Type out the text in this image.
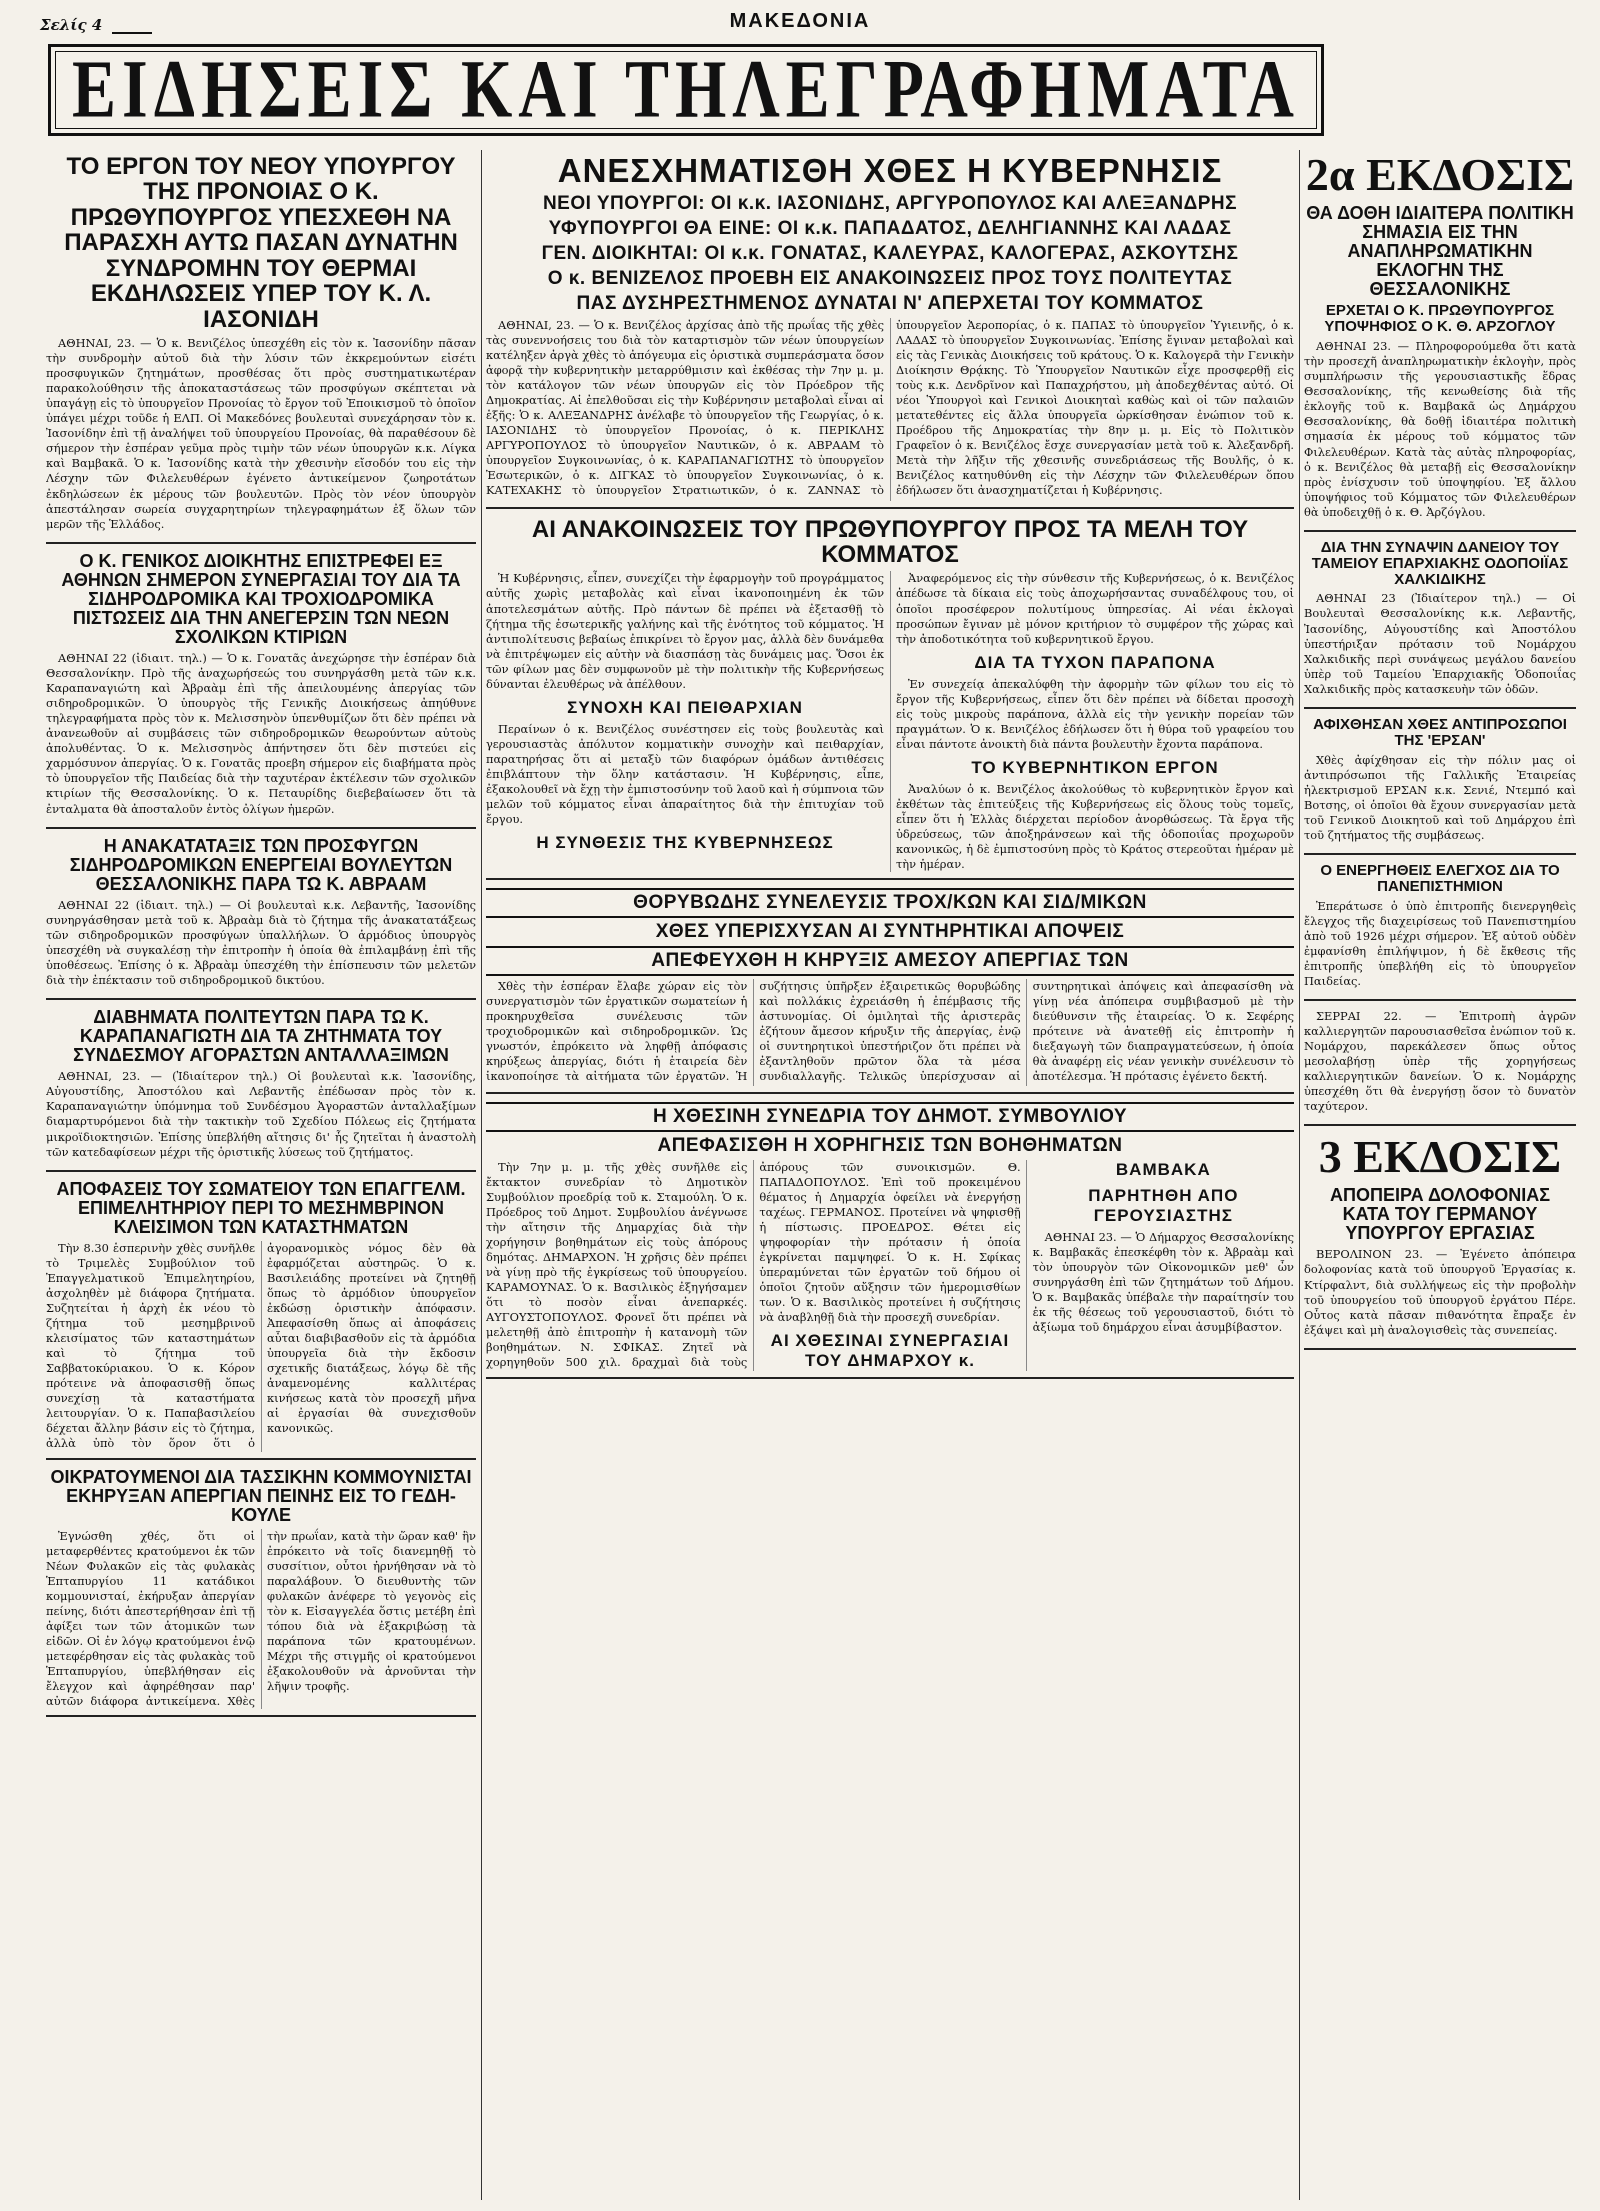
Σελίς 4	ΜΑΚΕΔΟΝΙΑ
ΕΙΔΗΣΕΙΣ ΚΑΙ ΤΗΛΕΓΡΑΦΗΜΑΤΑ
ΤΟ ΕΡΓΟΝ ΤΟΥ ΝΕΟΥ ΥΠΟΥΡΓΟΥ ΤΗΣ ΠΡΟΝΟΙΑΣ Ο Κ. ΠΡΩΘΥΠΟΥΡΓΟΣ ΥΠΕΣΧΕΘΗ ΝΑ ΠΑΡΑΣΧΗ ΑΥΤΩ ΠΑΣΑΝ ΔΥΝΑΤΗΝ ΣΥΝΔΡΟΜΗΝ ΤΟΥ ΘΕΡΜΑΙ ΕΚΔΗΛΩΣΕΙΣ ΥΠΕΡ ΤΟΥ Κ. Λ. ΙΑΣΟΝΙΔΗ

ΑΘΗΝΑΙ, 23. — Ὁ κ. Βενιζέλος ὑπεσχέθη εἰς τὸν κ. Ἰασονίδην πᾶσαν τὴν συνδρομὴν αὐτοῦ διὰ τὴν λύσιν τῶν ἐκκρεμούντων εἰσέτι προσφυγικῶν ζητημάτων, προσθέσας ὅτι πρὸς συστηματικωτέραν παρακολούθησιν τῆς ἀποκαταστάσεως τῶν προσφύγων σκέπτεται νὰ ὑπαγάγῃ εἰς τὸ ὑπουργεῖον Προνοίας τὸ ἔργον τοῦ Ἐποικισμοῦ τὸ ὁποῖον ὑπάγει μέχρι τοῦδε ἡ ΕΛΠ. Οἱ Μακεδόνες βουλευταὶ συνεχάρησαν τὸν κ. Ἰασονίδην ἐπὶ τῇ ἀναλήψει τοῦ ὑπουργείου Προνοίας, θὰ παραθέσουν δὲ σήμερον τὴν ἑσπέραν γεῦμα πρὸς τιμὴν τῶν νέων ὑπουργῶν κ.κ. Λίγκα καὶ Βαμβακᾶ. Ὁ κ. Ἰασονίδης κατὰ τὴν χθεσινὴν εἴσοδόν του εἰς τὴν Λέσχην τῶν Φιλελευθέρων ἐγένετο ἀντικείμενον ζωηροτάτων ἐκδηλώσεων ἐκ μέρους τῶν βουλευτῶν. Πρὸς τὸν νέον ὑπουργὸν ἀπεστάλησαν σωρεία συγχαρητηρίων τηλεγραφημάτων ἐξ ὅλων τῶν μερῶν τῆς Ἑλλάδος.

Ο Κ. ΓΕΝΙΚΟΣ ΔΙΟΙΚΗΤΗΣ ΕΠΙΣΤΡΕΦΕΙ ΕΞ ΑΘΗΝΩΝ ΣΗΜΕΡΟΝ ΣΥΝΕΡΓΑΣΙΑΙ ΤΟΥ ΔΙΑ ΤΑ ΣΙΔΗΡΟΔΡΟΜΙΚΑ ΚΑΙ ΤΡΟΧΙΟΔΡΟΜΙΚΑ ΠΙΣΤΩΣΕΙΣ ΔΙΑ ΤΗΝ ΑΝΕΓΕΡΣΙΝ ΤΩΝ ΝΕΩΝ ΣΧΟΛΙΚΩΝ ΚΤΙΡΙΩΝ

ΑΘΗΝΑΙ 22 (ἰδιαιτ. τηλ.) — Ὁ κ. Γονατᾶς ἀνεχώρησε τὴν ἑσπέραν διὰ Θεσσαλονίκην. Πρὸ τῆς ἀναχωρήσεώς του συνηργάσθη μετὰ τῶν κ.κ. Καραπαναγιώτη καὶ Ἀβραὰμ ἐπὶ τῆς ἀπειλουμένης ἀπεργίας τῶν σιδηροδρομικῶν. Ὁ ὑπουργὸς τῆς Γενικῆς Διοικήσεως ἀπηύθυνε τηλεγραφήματα πρὸς τὸν κ. Μελισσηνὸν ὑπενθυμίζων ὅτι δὲν πρέπει νὰ ἀνανεωθοῦν αἱ συμβάσεις τῶν σιδηροδρομικῶν θεωρούντων αὐτοὺς ἀπολυθέντας. Ὁ κ. Μελισσηνὸς ἀπήντησεν ὅτι δὲν πιστεύει εἰς χαρμόσυνον ἀπεργίας. Ὁ κ. Γονατᾶς προεβη σήμερον εἰς διαβήματα πρὸς τὸ ὑπουργεῖον τῆς Παιδείας διὰ τὴν ταχυτέραν ἐκτέλεσιν τῶν σχολικῶν κτιρίων τῆς Θεσσαλονίκης. Ὁ κ. Πεταυρίδης διεβεβαίωσεν ὅτι τὰ ἐνταλματα θὰ ἀποσταλοῦν ἐντὸς ὀλίγων ἡμερῶν.

Η ΑΝΑΚΑΤΑΤΑΞΙΣ ΤΩΝ ΠΡΟΣΦΥΓΩΝ ΣΙΔΗΡΟΔΡΟΜΙΚΩΝ ΕΝΕΡΓΕΙΑΙ ΒΟΥΛΕΥΤΩΝ ΘΕΣΣΑΛΟΝΙΚΗΣ ΠΑΡΑ ΤΩ Κ. ΑΒΡΑΑΜ

ΑΘΗΝΑΙ 22 (ἰδιαιτ. τηλ.) — Οἱ βουλευταὶ κ.κ. Λεβαντῆς, Ἰασονίδης συνηργάσθησαν μετὰ τοῦ κ. Ἀβραὰμ διὰ τὸ ζήτημα τῆς ἀνακατατάξεως τῶν σιδηροδρομικῶν προσφύγων ὑπαλλήλων. Ὁ ἁρμόδιος ὑπουργὸς ὑπεσχέθη νὰ συγκαλέσῃ τὴν ἐπιτροπὴν ἡ ὁποία θὰ ἐπιλαμβάνῃ ἐπὶ τῆς ὑποθέσεως. Ἐπίσης ὁ κ. Ἀβραὰμ ὑπεσχέθη τὴν ἐπίσπευσιν τῶν μελετῶν διὰ τὴν ἐπέκτασιν τοῦ σιδηροδρομικοῦ δικτύου.

ΔΙΑΒΗΜΑΤΑ ΠΟΛΙΤΕΥΤΩΝ ΠΑΡΑ ΤΩ Κ. ΚΑΡΑΠΑΝΑΓΙΩΤΗ ΔΙΑ ΤΑ ΖΗΤΗΜΑΤΑ ΤΟΥ ΣΥΝΔΕΣΜΟΥ ΑΓΟΡΑΣΤΩΝ ΑΝΤΑΛΛΑΞΙΜΩΝ

ΑΘΗΝΑΙ, 23. — (Ἰδιαίτερον τηλ.) Οἱ βουλευταὶ κ.κ. Ἰασονίδης, Αὐγουστίδης, Ἀποστόλου καὶ Λεβαντῆς ἐπέδωσαν πρὸς τὸν κ. Καραπαναγιώτην ὑπόμνημα τοῦ Συνδέσμου Ἀγοραστῶν ἀνταλλαξίμων διαμαρτυρόμενοι διὰ τὴν τακτικὴν τοῦ Σχεδίου Πόλεως εἰς ζητήματα μικροϊδιοκτησιῶν. Ἐπίσης ὑπεβλήθη αἴτησις δι' ἧς ζητεῖται ἡ ἀναστολὴ τῶν κατεδαφίσεων μέχρι τῆς ὁριστικῆς λύσεως τοῦ ζητήματος.

ΑΠΟΦΑΣΕΙΣ ΤΟΥ ΣΩΜΑΤΕΙΟΥ ΤΩΝ ΕΠΑΓΓΕΛΜ. ΕΠΙΜΕΛΗΤΗΡΙΟΥ ΠΕΡΙ ΤΟ ΜΕΣΗΜΒΡΙΝΟΝ ΚΛΕΙΣΙΜΟΝ ΤΩΝ ΚΑΤΑΣΤΗΜΑΤΩΝ

Τὴν 8.30 ἑσπερινὴν χθὲς συνῆλθε τὸ Τριμελὲς Συμβούλιον τοῦ Ἐπαγγελματικοῦ Ἐπιμελητηρίου, ἀσχοληθὲν μὲ διάφορα ζητήματα. Συζητείται ἡ ἀρχὴ ἐκ νέου τὸ ζήτημα τοῦ μεσημβρινοῦ κλεισίματος τῶν καταστημάτων καὶ τὸ ζήτημα τοῦ Σαββατοκύριακου. Ὁ κ. Κόρον πρότεινε νὰ ἀποφασισθῇ ὅπως συνεχίσῃ τὰ καταστήματα λειτουργίαν. Ὁ κ. Παπαβασιλείου δέχεται ἄλλην βάσιν εἰς τὸ ζήτημα, ἀλλὰ ὑπὸ τὸν ὅρον ὅτι ὁ ἀγορανομικὸς νόμος δὲν θὰ ἐφαρμόζεται αὐστηρῶς. Ὁ κ. Βασιλειάδης προτείνει νὰ ζητηθῇ ὅπως τὸ ἀρμόδιον ὑπουργεῖον ἐκδώσῃ ὁριστικὴν ἀπόφασιν. Ἀπεφασίσθη ὅπως αἱ ἀποφάσεις αὗται διαβιβασθοῦν εἰς τὰ ἀρμόδια ὑπουργεῖα διὰ τὴν ἔκδοσιν σχετικῆς διατάξεως, λόγῳ δὲ τῆς ἀναμενομένης καλλιτέρας κινήσεως κατὰ τὸν προσεχῆ μῆνα αἱ ἐργασίαι θὰ συνεχισθοῦν κανονικῶς.

ΟΙΚΡΑΤΟΥΜΕΝΟΙ ΔΙΑ ΤΑΣΣΙΚΗΝ ΚΟΜΜΟΥΝΙΣΤΑΙ ΕΚΗΡΥΞΑΝ ΑΠΕΡΓΙΑΝ ΠΕΙΝΗΣ ΕΙΣ ΤΟ ΓΕΔΗ-ΚΟΥΛΕ

Ἐγνώσθη χθές, ὅτι οἱ μεταφερθέντες κρατούμενοι ἐκ τῶν Νέων Φυλακῶν εἰς τὰς φυλακὰς Ἑπταπυργίου 11 κατάδικοι κομμουνισταί, ἐκήρυξαν ἀπεργίαν πείνης, διότι ἀπεστερήθησαν ἐπὶ τῇ ἀφίξει των τῶν ἀτομικῶν των εἰδῶν. Οἱ ἐν λόγῳ κρατούμενοι ἐνῷ μετεφέρθησαν εἰς τὰς φυλακὰς τοῦ Ἑπταπυργίου, ὑπεβλήθησαν εἰς ἔλεγχον καὶ ἀφηρέθησαν παρ' αὐτῶν διάφορα ἀντικείμενα. Χθὲς τὴν πρωΐαν, κατὰ τὴν ὥραν καθ' ἣν ἐπρόκειτο νὰ τοῖς διανεμηθῇ τὸ συσσίτιον, οὗτοι ἠρνήθησαν νὰ τὸ παραλάβουν. Ὁ διευθυντὴς τῶν φυλακῶν ἀνέφερε τὸ γεγονὸς εἰς τὸν κ. Εἰσαγγελέα ὅστις μετέβη ἐπὶ τόπου διὰ νὰ ἐξακριβώσῃ τὰ παράπονα τῶν κρατουμένων. Μέχρι τῆς στιγμῆς οἱ κρατούμενοι ἐξακολουθοῦν νὰ ἀρνοῦνται τὴν λῆψιν τροφῆς.

ΑΝΕΣΧΗΜΑΤΙΣΘΗ ΧΘΕΣ Η ΚΥΒΕΡΝΗΣΙΣ
ΝΕΟΙ ΥΠΟΥΡΓΟΙ: ΟΙ κ.κ. ΙΑΣΟΝΙΔΗΣ, ΑΡΓΥΡΟΠΟΥΛΟΣ ΚΑΙ ΑΛΕΞΑΝΔΡΗΣ
ΥΦΥΠΟΥΡΓΟΙ ΘΑ ΕΙΝΕ: ΟΙ κ.κ. ΠΑΠΑΔΑΤΟΣ, ΔΕΛΗΓΙΑΝΝΗΣ ΚΑΙ ΛΑΔΑΣ
ΓΕΝ. ΔΙΟΙΚΗΤΑΙ: ΟΙ κ.κ. ΓΟΝΑΤΑΣ, ΚΑΛΕΥΡΑΣ, ΚΑΛΟΓΕΡΑΣ, ΑΣΚΟΥΤΣΗΣ
Ο κ. ΒΕΝΙΖΕΛΟΣ ΠΡΟΕΒΗ ΕΙΣ ΑΝΑΚΟΙΝΩΣΕΙΣ ΠΡΟΣ ΤΟΥΣ ΠΟΛΙΤΕΥΤΑΣ
ΠΑΣ ΔΥΣΗΡΕΣΤΗΜΕΝΟΣ ΔΥΝΑΤΑΙ Ν' ΑΠΕΡΧΕΤΑΙ ΤΟΥ ΚΟΜΜΑΤΟΣ

ΑΘΗΝΑΙ, 23. — Ὁ κ. Βενιζέλος ἀρχίσας ἀπὸ τῆς πρωΐας τῆς χθὲς τὰς συνεννοήσεις του διὰ τὸν καταρτισμὸν τῶν νέων ὑπουργείων κατέληξεν ἀργὰ χθὲς τὸ ἀπόγευμα εἰς ὁριστικὰ συμπεράσματα ὅσον ἀφορᾷ τὴν κυβερνητικὴν μεταρρύθμισιν καὶ ἐκθέσας τὴν 7ην μ. μ. τὸν κατάλογον τῶν νέων ὑπουργῶν εἰς τὸν Πρόεδρον τῆς Δημοκρατίας. Αἱ ἐπελθοῦσαι εἰς τὴν Κυβέρνησιν μεταβολαὶ εἶναι αἱ ἑξῆς: Ὁ κ. ΑΛΕΞΑΝΔΡΗΣ ἀνέλαβε τὸ ὑπουργεῖον τῆς Γεωργίας, ὁ κ. ΙΑΣΟΝΙΔΗΣ τὸ ὑπουργεῖον Προνοίας, ὁ κ. ΠΕΡΙΚΛΗΣ ΑΡΓΥΡΟΠΟΥΛΟΣ τὸ ὑπουργεῖον Ναυτικῶν, ὁ κ. ΑΒΡΑΑΜ τὸ ὑπουργεῖον Συγκοινωνίας, ὁ κ. ΚΑΡΑΠΑΝΑΓΙΩΤΗΣ τὸ ὑπουργεῖον Ἐσωτερικῶν, ὁ κ. ΔΙΓΚΑΣ τὸ ὑπουργεῖον Συγκοινωνίας, ὁ κ. ΚΑΤΕΧΑΚΗΣ τὸ ὑπουργεῖον Στρατιωτικῶν, ὁ κ. ΖΑΝΝΑΣ τὸ ὑπουργεῖον Ἀεροπορίας, ὁ κ. ΠΑΠΑΣ τὸ ὑπουργεῖον Ὑγιεινῆς, ὁ κ. ΛΑΔΑΣ τὸ ὑπουργεῖον Συγκοινωνίας. Ἐπίσης ἔγιναν μεταβολαὶ καὶ εἰς τὰς Γενικὰς Διοικήσεις τοῦ κράτους. Ὁ κ. Καλογερᾶ τὴν Γενικὴν Διοίκησιν Θρᾴκης. Τὸ Ὑπουργεῖον Ναυτικῶν εἶχε προσφερθῇ εἰς τοὺς κ.κ. Δενδρῖνον καὶ Παπαχρήστου, μὴ ἀποδεχθέντας αὐτό. Οἱ νέοι Ὑπουργοὶ καὶ Γενικοὶ Διοικηταὶ καθὼς καὶ οἱ τῶν παλαιῶν μετατεθέντες εἰς ἄλλα ὑπουργεῖα ὡρκίσθησαν ἐνώπιον τοῦ κ. Προέδρου τῆς Δημοκρατίας τὴν 8ην μ. μ. Εἰς τὸ Πολιτικὸν Γραφεῖον ὁ κ. Βενιζέλος ἔσχε συνεργασίαν μετὰ τοῦ κ. Ἀλεξανδρῆ. Μετὰ τὴν λῆξιν τῆς χθεσινῆς συνεδριάσεως τῆς Βουλῆς, ὁ κ. Βενιζέλος κατηυθύνθη εἰς τὴν Λέσχην τῶν Φιλελευθέρων ὅπου ἐδήλωσεν ὅτι ἀνασχηματίζεται ἡ Κυβέρνησις.

ΑΙ ΑΝΑΚΟΙΝΩΣΕΙΣ ΤΟΥ ΠΡΩΘΥΠΟΥΡΓΟΥ ΠΡΟΣ ΤΑ ΜΕΛΗ ΤΟΥ ΚΟΜΜΑΤΟΣ

Ἡ Κυβέρνησις, εἶπεν, συνεχίζει τὴν ἐφαρμογὴν τοῦ προγράμματος αὐτῆς χωρὶς μεταβολὰς καὶ εἶναι ἱκανοποιημένη ἐκ τῶν ἀποτελεσμάτων αὐτῆς. Πρὸ πάντων δὲ πρέπει νὰ ἐξετασθῇ τὸ ζήτημα τῆς ἐσωτερικῆς γαλήνης καὶ τῆς ἑνότητος τοῦ κόμματος. Ἡ ἀντιπολίτευσις βεβαίως ἐπικρίνει τὸ ἔργον μας, ἀλλὰ δὲν δυνάμεθα νὰ ἐπιτρέψωμεν εἰς αὐτὴν νὰ διασπάσῃ τὰς δυνάμεις μας. Ὅσοι ἐκ τῶν φίλων μας δὲν συμφωνοῦν μὲ τὴν πολιτικὴν τῆς Κυβερνήσεως δύνανται ἐλευθέρως νὰ ἀπέλθουν.

ΣΥΝΟΧΗ ΚΑΙ ΠΕΙΘΑΡΧΙΑΝ

Περαίνων ὁ κ. Βενιζέλος συνέστησεν εἰς τοὺς βουλευτὰς καὶ γερουσιαστὰς ἀπόλυτον κομματικὴν συνοχὴν καὶ πειθαρχίαν, παρατηρήσας ὅτι αἱ μεταξὺ τῶν διαφόρων ὁμάδων ἀντιθέσεις ἐπιβλάπτουν τὴν ὅλην κατάστασιν. Ἡ Κυβέρνησις, εἶπε, ἐξακολουθεῖ νὰ ἔχῃ τὴν ἐμπιστοσύνην τοῦ λαοῦ καὶ ἡ σύμπνοια τῶν μελῶν τοῦ κόμματος εἶναι ἀπαραίτητος διὰ τὴν ἐπιτυχίαν τοῦ ἔργου.

Η ΣΥΝΘΕΣΙΣ ΤΗΣ ΚΥΒΕΡΝΗΣΕΩΣ

Ἀναφερόμενος εἰς τὴν σύνθεσιν τῆς Κυβερνήσεως, ὁ κ. Βενιζέλος ἀπέδωσε τὰ δίκαια εἰς τοὺς ἀποχωρήσαντας συναδέλφους του, οἱ ὁποῖοι προσέφερον πολυτίμους ὑπηρεσίας. Αἱ νέαι ἐκλογαὶ προσώπων ἔγιναν μὲ μόνον κριτήριον τὸ συμφέρον τῆς χώρας καὶ τὴν ἀποδοτικότητα τοῦ κυβερνητικοῦ ἔργου.

ΔΙΑ ΤΑ ΤΥΧΟΝ ΠΑΡΑΠΟΝΑ

Ἐν συνεχείᾳ ἀπεκαλύφθη τὴν ἀφορμὴν τῶν φίλων του εἰς τὸ ἔργον τῆς Κυβερνήσεως, εἶπεν ὅτι δὲν πρέπει νὰ δίδεται προσοχὴ εἰς τοὺς μικροὺς παράπονα, ἀλλὰ εἰς τὴν γενικὴν πορείαν τῶν πραγμάτων. Ὁ κ. Βενιζέλος ἐδήλωσεν ὅτι ἡ θύρα τοῦ γραφείου του εἶναι πάντοτε ἀνοικτὴ διὰ πάντα βουλευτὴν ἔχοντα παράπονα.

ΤΟ ΚΥΒΕΡΝΗΤΙΚΟΝ ΕΡΓΟΝ

Ἀναλύων ὁ κ. Βενιζέλος ἀκολούθως τὸ κυβερνητικὸν ἔργον καὶ ἐκθέτων τὰς ἐπιτεύξεις τῆς Κυβερνήσεως εἰς ὅλους τοὺς τομεῖς, εἶπεν ὅτι ἡ Ἑλλὰς διέρχεται περίοδον ἀνορθώσεως. Τὰ ἔργα τῆς ὑδρεύσεως, τῶν ἀποξηράνσεων καὶ τῆς ὁδοποιΐας προχωροῦν κανονικῶς, ἡ δὲ ἐμπιστοσύνη πρὸς τὸ Κράτος στερεοῦται ἡμέραν μὲ τὴν ἡμέραν.

ΘΟΡΥΒΩΔΗΣ ΣΥΝΕΛΕΥΣΙΣ ΤΡΟΧ/ΚΩΝ ΚΑΙ ΣΙΔ/ΜΙΚΩΝ
ΧΘΕΣ ΥΠΕΡΙΣΧΥΣΑΝ ΑΙ ΣΥΝΤΗΡΗΤΙΚΑΙ ΑΠΟΨΕΙΣ
ΑΠΕΦΕΥΧΘΗ Η ΚΗΡΥΞΙΣ ΑΜΕΣΟΥ ΑΠΕΡΓΙΑΣ ΤΩΝ

Χθὲς τὴν ἑσπέραν ἔλαβε χώραν εἰς τὸν συνεργατισμὸν τῶν ἐργατικῶν σωματείων ἡ προκηρυχθεῖσα συνέλευσις τῶν τροχιοδρομικῶν καὶ σιδηροδρομικῶν. Ὡς γνωστόν, ἐπρόκειτο νὰ ληφθῇ ἀπόφασις κηρύξεως ἀπεργίας, διότι ἡ ἑταιρεία δὲν ἱκανοποίησε τὰ αἰτήματα τῶν ἐργατῶν. Ἡ συζήτησις ὑπῆρξεν ἐξαιρετικῶς θορυβώδης καὶ πολλάκις ἐχρειάσθη ἡ ἐπέμβασις τῆς ἀστυνομίας. Οἱ ὁμιληταὶ τῆς ἀριστερᾶς ἐζήτουν ἄμεσον κήρυξιν τῆς ἀπεργίας, ἐνῷ οἱ συντηρητικοὶ ὑπεστήριζον ὅτι πρέπει νὰ ἐξαντληθοῦν πρῶτον ὅλα τὰ μέσα συνδιαλλαγῆς. Τελικῶς ὑπερίσχυσαν αἱ συντηρητικαὶ ἀπόψεις καὶ ἀπεφασίσθη νὰ γίνῃ νέα ἀπόπειρα συμβιβασμοῦ μὲ τὴν διεύθυνσιν τῆς ἑταιρείας. Ὁ κ. Σεφέρης πρότεινε νὰ ἀνατεθῇ εἰς ἐπιτροπὴν ἡ διεξαγωγὴ τῶν διαπραγματεύσεων, ἡ ὁποία θὰ ἀναφέρῃ εἰς νέαν γενικὴν συνέλευσιν τὸ ἀποτέλεσμα. Ἡ πρότασις ἐγένετο δεκτή.

Η ΧΘΕΣΙΝΗ ΣΥΝΕΔΡΙΑ ΤΟΥ ΔΗΜΟΤ. ΣΥΜΒΟΥΛΙΟΥ
ΑΠΕΦΑΣΙΣΘΗ Η ΧΟΡΗΓΗΣΙΣ ΤΩΝ ΒΟΗΘΗΜΑΤΩΝ

Τὴν 7ην μ. μ. τῆς χθὲς συνῆλθε εἰς ἔκτακτον συνεδρίαν τὸ Δημοτικὸν Συμβούλιον προεδρίᾳ τοῦ κ. Σταμούλη. Ὁ κ. Πρόεδρος τοῦ Δημοτ. Συμβουλίου ἀνέγνωσε τὴν αἴτησιν τῆς Δημαρχίας διὰ τὴν χορήγησιν βοηθημάτων εἰς τοὺς ἀπόρους δημότας. ΔΗΜΑΡΧΟΝ. Ἡ χρῆσις δὲν πρέπει νὰ γίνῃ πρὸ τῆς ἐγκρίσεως τοῦ ὑπουργείου. ΚΑΡΑΜΟΥΝΑΣ. Ὁ κ. Βασιλικὸς ἐξηγήσαμεν ὅτι τὸ ποσὸν εἶναι ἀνεπαρκές. ΑΥΓΟΥΣΤΟΠΟΥΛΟΣ. Φρονεῖ ὅτι πρέπει νὰ μελετηθῇ ἀπὸ ἐπιτροπὴν ἡ κατανομὴ τῶν βοηθημάτων. Ν. ΣΦΙΚΑΣ. Ζητεῖ νὰ χορηγηθοῦν 500 χιλ. δραχμαὶ διὰ τοὺς ἀπόρους τῶν συνοικισμῶν. Θ. ΠΑΠΑΔΟΠΟΥΛΟΣ. Ἐπὶ τοῦ προκειμένου θέματος ἡ Δημαρχία ὀφείλει νὰ ἐνεργήσῃ ταχέως. ΓΕΡΜΑΝΟΣ. Προτείνει νὰ ψηφισθῇ ἡ πίστωσις. ΠΡΟΕΔΡΟΣ. Θέτει εἰς ψηφοφορίαν τὴν πρότασιν ἡ ὁποία ἐγκρίνεται παμψηφεί. Ὁ κ. Η. Σφίκας ὑπεραμύνεται τῶν ἐργατῶν τοῦ δήμου οἱ ὁποῖοι ζητοῦν αὔξησιν τῶν ἡμερομισθίων των. Ὁ κ. Βασιλικὸς προτείνει ἡ συζήτησις νὰ ἀναβληθῇ διὰ τὴν προσεχῆ συνεδρίαν.

ΑΙ ΧΘΕΣΙΝΑΙ ΣΥΝΕΡΓΑΣΙΑΙ ΤΟΥ ΔΗΜΑΡΧΟΥ κ. ΒΑΜΒΑΚΑ
ΠΑΡΗΤΗΘΗ ΑΠΟ ΓΕΡΟΥΣΙΑΣΤΗΣ

ΑΘΗΝΑΙ 23. — Ὁ Δήμαρχος Θεσσαλονίκης κ. Βαμβακᾶς ἐπεσκέφθη τὸν κ. Ἀβραὰμ καὶ τὸν ὑπουργὸν τῶν Οἰκονομικῶν μεθ' ὧν συνηργάσθη ἐπὶ τῶν ζητημάτων τοῦ Δήμου. Ὁ κ. Βαμβακᾶς ὑπέβαλε τὴν παραίτησίν του ἐκ τῆς θέσεως τοῦ γερουσιαστοῦ, διότι τὸ ἀξίωμα τοῦ δημάρχου εἶναι ἀσυμβίβαστον.

2α ΕΚΔΟΣΙΣ
ΘΑ ΔΟΘΗ ΙΔΙΑΙΤΕΡΑ ΠΟΛΙΤΙΚΗ ΣΗΜΑΣΙΑ ΕΙΣ ΤΗΝ ΑΝΑΠΛΗΡΩΜΑΤΙΚΗΝ ΕΚΛΟΓΗΝ ΤΗΣ ΘΕΣΣΑΛΟΝΙΚΗΣ
ΕΡΧΕΤΑΙ Ο Κ. ΠΡΩΘΥΠΟΥΡΓΟΣ ΥΠΟΨΗΦΙΟΣ Ο Κ. Θ. ΑΡΖΟΓΛΟΥ

ΑΘΗΝΑΙ 23. — Πληροφορούμεθα ὅτι κατὰ τὴν προσεχῆ ἀναπληρωματικὴν ἐκλογὴν, πρὸς συμπλήρωσιν τῆς γερουσιαστικῆς ἕδρας Θεσσαλονίκης, τῆς κενωθείσης διὰ τῆς ἐκλογῆς τοῦ κ. Βαμβακᾶ ὡς Δημάρχου Θεσσαλονίκης, θὰ δοθῇ ἰδιαιτέρα πολιτικὴ σημασία ἐκ μέρους τοῦ κόμματος τῶν Φιλελευθέρων. Κατὰ τὰς αὐτὰς πληροφορίας, ὁ κ. Βενιζέλος θὰ μεταβῇ εἰς Θεσσαλονίκην πρὸς ἐνίσχυσιν τοῦ ὑποψηφίου. Ἐξ ἄλλου ὑποψήφιος τοῦ Κόμματος τῶν Φιλελευθέρων θὰ ὑποδειχθῇ ὁ κ. Θ. Ἀρζόγλου.

ΔΙΑ ΤΗΝ ΣΥΝΑΨΙΝ ΔΑΝΕΙΟΥ ΤΟΥ ΤΑΜΕΙΟΥ ΕΠΑΡΧΙΑΚΗΣ ΟΔΟΠΟΙΪΑΣ ΧΑΛΚΙΔΙΚΗΣ

ΑΘΗΝΑΙ 23 (Ἰδιαίτερον τηλ.) — Οἱ Βουλευταὶ Θεσσαλονίκης κ.κ. Λεβαντῆς, Ἰασονίδης, Αὐγουστίδης καὶ Ἀποστόλου ὑπεστήριξαν πρότασιν τοῦ Νομάρχου Χαλκιδικῆς περὶ συνάψεως μεγάλου δανείου ὑπὲρ τοῦ Ταμείου Ἐπαρχιακῆς Ὁδοποιΐας Χαλκιδικῆς πρὸς κατασκευὴν τῶν ὁδῶν.

ΑΦΙΧΘΗΣΑΝ ΧΘΕΣ ΑΝΤΙΠΡΟΣΩΠΟΙ ΤΗΣ 'ΕΡΣΑΝ'

Χθὲς ἀφίχθησαν εἰς τὴν πόλιν μας οἱ ἀντιπρόσωποι τῆς Γαλλικῆς Ἑταιρείας ἠλεκτρισμοῦ ΕΡΣΑΝ κ.κ. Σενιέ, Ντεμπό καὶ Βοτσης, οἱ ὁποῖοι θὰ ἔχουν συνεργασίαν μετὰ τοῦ Γενικοῦ Διοικητοῦ καὶ τοῦ Δημάρχου ἐπὶ τοῦ ζητήματος τῆς συμβάσεως.

Ο ΕΝΕΡΓΗΘΕΙΣ ΕΛΕΓΧΟΣ ΔΙΑ ΤΟ ΠΑΝΕΠΙΣΤΗΜΙΟΝ

Ἐπεράτωσε ὁ ὑπὸ ἐπιτροπῆς διενεργηθεὶς ἔλεγχος τῆς διαχειρίσεως τοῦ Πανεπιστημίου ἀπὸ τοῦ 1926 μέχρι σήμερον. Ἐξ αὐτοῦ οὐδὲν ἐμφανίσθη ἐπιλήψιμον, ἡ δὲ ἔκθεσις τῆς ἐπιτροπῆς ὑπεβλήθη εἰς τὸ ὑπουργεῖον Παιδείας.

ΣΕΡΡΑΙ 22. — Ἐπιτροπὴ ἀγρῶν καλλιεργητῶν παρουσιασθεῖσα ἐνώπιον τοῦ κ. Νομάρχου, παρεκάλεσεν ὅπως οὗτος μεσολαβήσῃ ὑπὲρ τῆς χορηγήσεως καλλιεργητικῶν δανείων. Ὁ κ. Νομάρχης ὑπεσχέθη ὅτι θὰ ἐνεργήσῃ ὅσον τὸ δυνατὸν ταχύτερον.

3 ΕΚΔΟΣΙΣ
ΑΠΟΠΕΙΡΑ ΔΟΛΟΦΟΝΙΑΣ ΚΑΤΑ ΤΟΥ ΓΕΡΜΑΝΟΥ ΥΠΟΥΡΓΟΥ ΕΡΓΑΣΙΑΣ

ΒΕΡΟΛΙΝΟΝ 23. — Ἐγένετο ἀπόπειρα δολοφονίας κατὰ τοῦ ὑπουργοῦ Ἐργασίας κ. Κτίρφαλντ, διὰ συλλήψεως εἰς τὴν προβολὴν τοῦ ὑπουργείου τοῦ ὑπουργοῦ ἐργάτου Πέρε. Οὗτος κατὰ πᾶσαν πιθανότητα ἔπραξε ἐν ἐξάψει καὶ μὴ ἀναλογισθεὶς τὰς συνεπείας.
